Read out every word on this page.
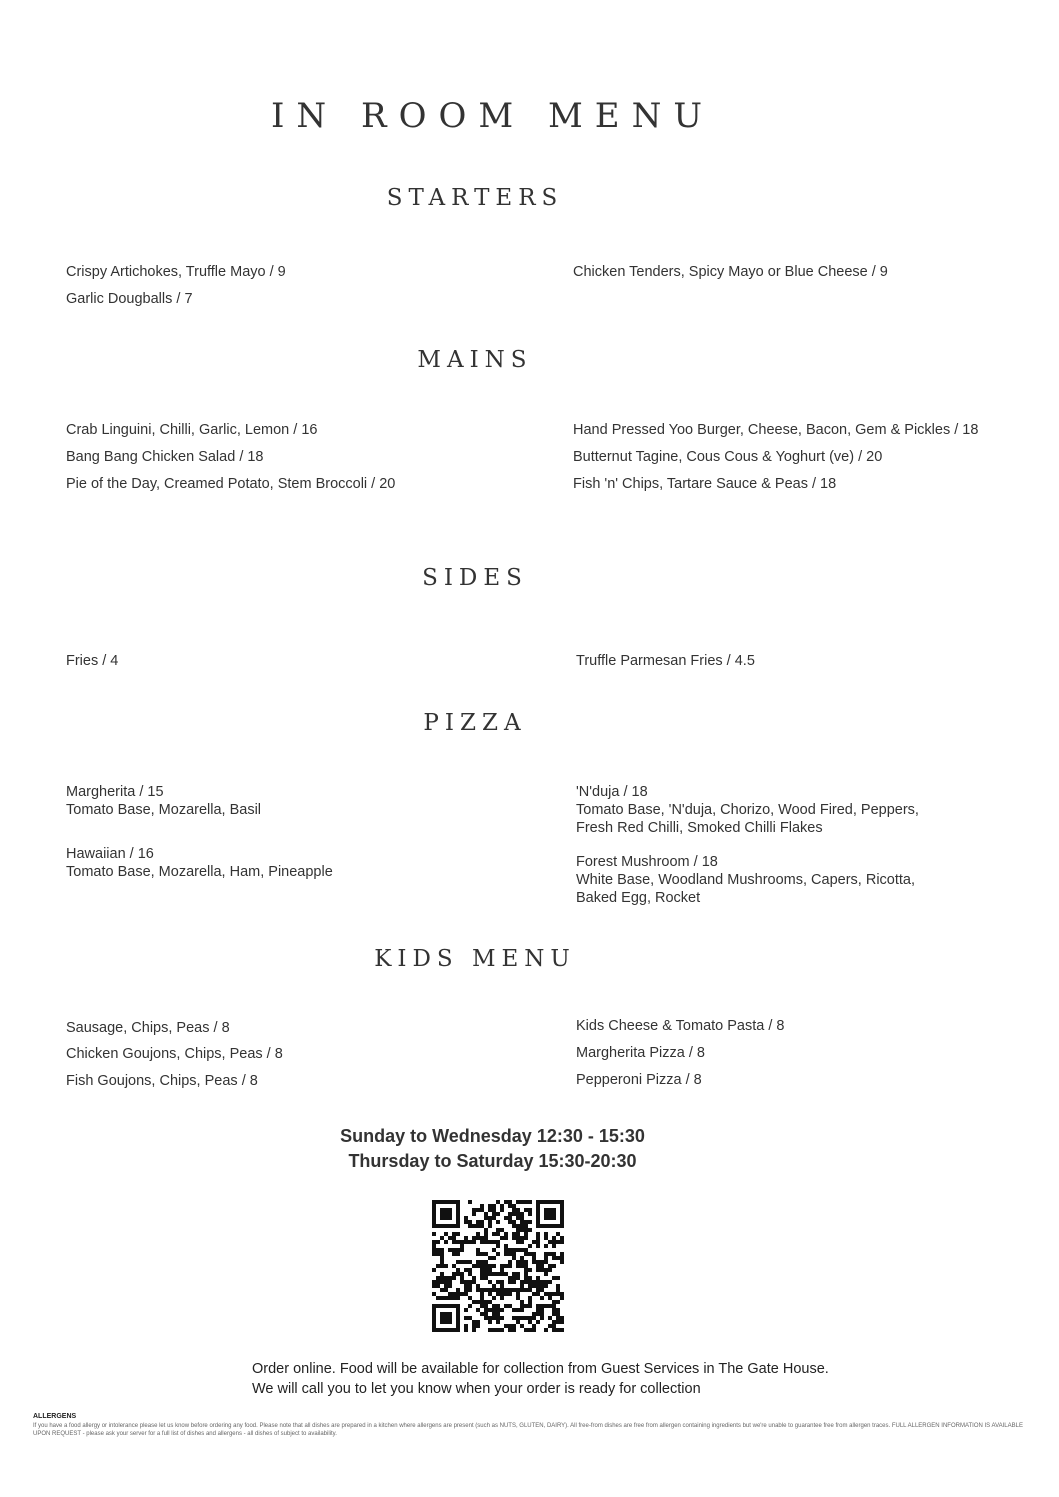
IN ROOM MENU
STARTERS
Crispy Artichokes, Truffle Mayo / 9
Garlic Dougballs / 7
Chicken Tenders, Spicy Mayo or Blue Cheese / 9
MAINS
Crab Linguini, Chilli, Garlic, Lemon / 16
Bang Bang Chicken Salad / 18
Pie of the Day, Creamed Potato, Stem Broccoli / 20
Hand Pressed Yoo Burger, Cheese, Bacon, Gem & Pickles / 18
Butternut Tagine, Cous Cous & Yoghurt (ve) / 20
Fish 'n' Chips, Tartare Sauce & Peas / 18
SIDES
Fries / 4	Truffle Parmesan Fries / 4.5
PIZZA
Margherita / 15
Tomato Base, Mozarella, Basil
Hawaiian / 16
Tomato Base, Mozarella, Ham, Pineapple
'N'duja / 18
Tomato Base, 'N'duja, Chorizo, Wood Fired, Peppers,
Fresh Red Chilli, Smoked Chilli Flakes
Forest Mushroom / 18
White Base, Woodland Mushrooms, Capers, Ricotta,
Baked Egg, Rocket
KIDS MENU
Sausage, Chips, Peas / 8
Chicken Goujons, Chips, Peas / 8
Fish Goujons, Chips, Peas / 8
Kids Cheese & Tomato Pasta / 8
Margherita Pizza / 8
Pepperoni Pizza / 8
Sunday to Wednesday 12:30 - 15:30
Thursday to Saturday 15:30-20:30
Order online. Food will be available for collection from Guest Services in The Gate House. We will call you to let you know when your order is ready for collection
ALLERGENS
If you have a food allergy or intolerance please let us know before ordering any food. Please note that all dishes are prepared in a kitchen where allergens are present (such as NUTS, GLUTEN, DAIRY). All free-from dishes are free from allergen containing ingredients but we're unable to guarantee free from allergen traces. FULL ALLERGEN INFORMATION IS AVAILABLE UPON REQUEST - please ask your server for a full list of dishes and allergens - all dishes of subject to availability.
